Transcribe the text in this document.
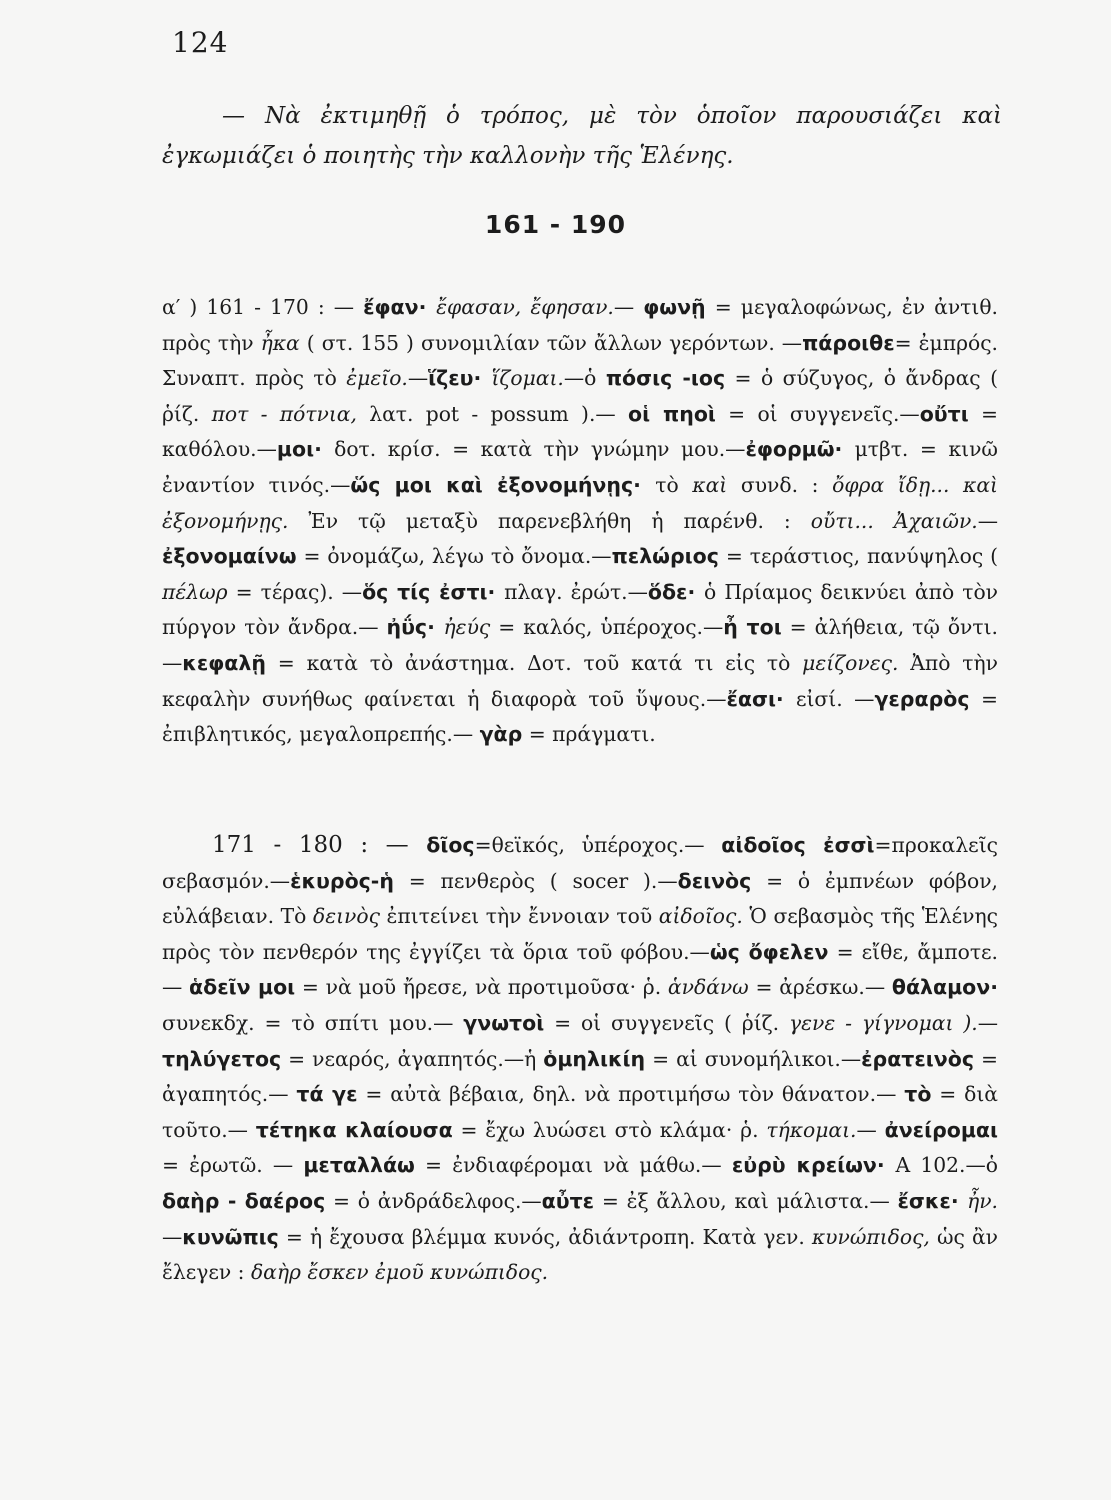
124
— Νὰ ἐκτιμηθῇ ὁ τρόπος, μὲ τὸν ὁποῖον παρουσιάζει καὶ ἐγκωμιάζει ὁ ποιητὴς τὴν καλλονὴν τῆς Ἑλένης.
161 - 190
α′ ) 161 - 170 : — ἔφαν· ἔφασαν, ἔφησαν.— φωνῇ = μεγαλοφώνως, ἐν ἀντιθ. πρὸς τὴν ἦκα ( στ. 155 ) συνομιλίαν τῶν ἄλλων γερόντων. —πάροιθε= ἐμπρός. Συναπτ. πρὸς τὸ ἐμεῖο.—ἵζευ· ἵζομαι.—ὁ πόσις -ιος = ὁ σύζυγος, ὁ ἄνδρας ( ῥίζ. ποτ - πότνια, λατ. pot - possum ).— οἱ πηοὶ = οἱ συγγενεῖς.—οὔτι = καθόλου.—μοι· δοτ. κρίσ. = κατὰ τὴν γνώμην μου.—ἐφορμῶ· μτβτ. = κινῶ ἐναντίον τινός.—ὥς μοι καὶ ἐξονομήνῃς· τὸ καὶ συνδ. : ὄφρα ἴδῃ... καὶ ἐξονομήνῃς. Ἐν τῷ μεταξὺ παρενεβλήθη ἡ παρένθ. : οὔτι... Ἀχαιῶν.—ἐξονομαίνω = ὀνομάζω, λέγω τὸ ὄνομα.—πελώριος = τεράστιος, πανύψηλος ( πέλωρ = τέρας). —ὅς τίς ἐστι· πλαγ. ἐρώτ.—ὅδε· ὁ Πρίαμος δεικνύει ἀπὸ τὸν πύργον τὸν ἄνδρα.— ἠΰς· ἠεύς = καλός, ὑπέροχος.—ἦ τοι = ἀλήθεια, τῷ ὄντι.—κεφαλῇ = κατὰ τὸ ἀνάστημα. Δοτ. τοῦ κατά τι εἰς τὸ μείζονες. Ἀπὸ τὴν κεφαλὴν συνήθως φαίνεται ἡ διαφορὰ τοῦ ὕψους.—ἔασι· εἰσί. —γεραρὸς = ἐπιβλητικός, μεγαλοπρεπής.— γὰρ = πράγματι.
171 - 180 : — δῖος=θεϊκός, ὑπέροχος.— αἰδοῖος ἐσσὶ=προκαλεῖς σεβασμόν.—ἑκυρὸς-ἡ = πενθερὸς ( socer ).—δεινὸς = ὁ ἐμπνέων φόβον, εὐλάβειαν. Τὸ δεινὸς ἐπιτείνει τὴν ἔννοιαν τοῦ αἰδοῖος. Ὁ σεβασμὸς τῆς Ἑλένης πρὸς τὸν πενθερόν της ἐγγίζει τὰ ὅρια τοῦ φόβου.—ὡς ὄφελεν = εἴθε, ἄμποτε.— ἁδεῖν μοι = νὰ μοῦ ἤρεσε, νὰ προτιμοῦσα· ῥ. ἁνδάνω = ἀρέσκω.— θάλαμον· συνεκδχ. = τὸ σπίτι μου.— γνωτοὶ = οἱ συγγενεῖς ( ῥίζ. γενε - γίγνομαι ).—τηλύγετος = νεαρός, ἀγαπητός.—ἡ ὁμηλικίη = αἱ συνομήλικοι.—ἐρατεινὸς = ἀγαπητός.— τά γε = αὐτὰ βέβαια, δηλ. νὰ προτιμήσω τὸν θάνατον.— τὸ = διὰ τοῦτο.— τέτηκα κλαίουσα = ἔχω λυώσει στὸ κλάμα· ῥ. τήκομαι.— ἀνείρομαι = ἐρωτῶ. — μεταλλάω = ἐνδιαφέρομαι νὰ μάθω.— εὐρὺ κρείων· Α 102.—ὁ δαὴρ - δαέρος = ὁ ἀνδράδελφος.—αὖτε = ἐξ ἄλλου, καὶ μάλιστα.— ἔσκε· ἦν.—κυνῶπις = ἡ ἔχουσα βλέμμα κυνός, ἀδιάντροπη. Κατὰ γεν. κυνώπιδος, ὡς ἂν ἔλεγεν : δαὴρ ἔσκεν ἐμοῦ κυνώπιδος.
